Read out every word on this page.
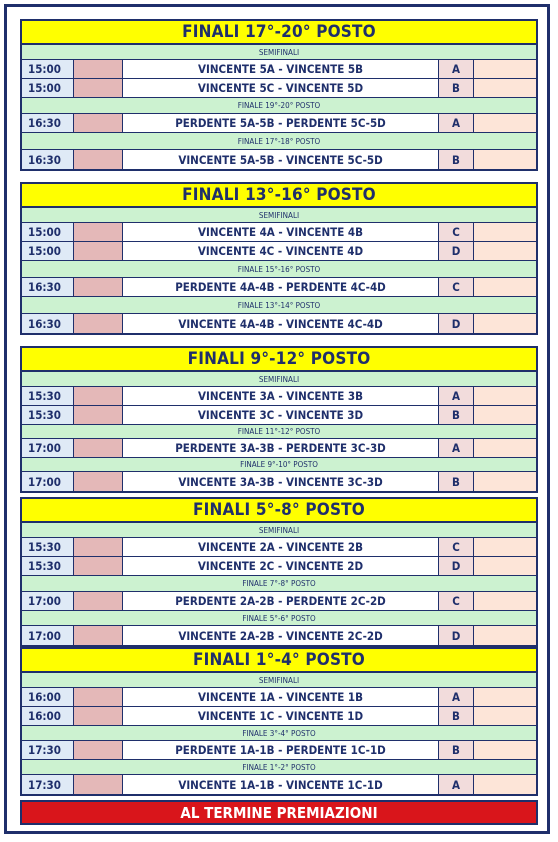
FINALI 17°-20° POSTO
SEMIFINALI
15:00	VINCENTE 5A - VINCENTE 5B	A
15:00	VINCENTE 5C - VINCENTE 5D	B
FINALE 19°-20° POSTO
16:30	PERDENTE 5A-5B - PERDENTE 5C-5D	A
FINALE 17°-18° POSTO
16:30	VINCENTE 5A-5B - VINCENTE 5C-5D	B
FINALI 13°-16° POSTO
SEMIFINALI
15:00	VINCENTE 4A - VINCENTE 4B	C
15:00	VINCENTE 4C - VINCENTE 4D	D
FINALE 15°-16° POSTO
16:30	PERDENTE 4A-4B - PERDENTE 4C-4D	C
FINALE 13°-14° POSTO
16:30	VINCENTE 4A-4B - VINCENTE 4C-4D	D
FINALI 9°-12° POSTO
SEMIFINALI
15:30	VINCENTE 3A - VINCENTE 3B	A
15:30	VINCENTE 3C - VINCENTE 3D	B
FINALE 11°-12° POSTO
17:00	PERDENTE 3A-3B - PERDENTE 3C-3D	A
FINALE 9°-10° POSTO
17:00	VINCENTE 3A-3B - VINCENTE 3C-3D	B
FINALI 5°-8° POSTO
SEMIFINALI
15:30	VINCENTE 2A - VINCENTE 2B	C
15:30	VINCENTE 2C - VINCENTE 2D	D
FINALE 7°-8° POSTO
17:00	PERDENTE 2A-2B - PERDENTE 2C-2D	C
FINALE 5°-6° POSTO
17:00	VINCENTE 2A-2B - VINCENTE 2C-2D	D
FINALI 1°-4° POSTO
SEMIFINALI
16:00	VINCENTE 1A - VINCENTE 1B	A
16:00	VINCENTE 1C - VINCENTE 1D	B
FINALE 3°-4° POSTO
17:30	PERDENTE 1A-1B - PERDENTE 1C-1D	B
FINALE 1°-2° POSTO
17:30	VINCENTE 1A-1B - VINCENTE 1C-1D	A
AL TERMINE PREMIAZIONI
